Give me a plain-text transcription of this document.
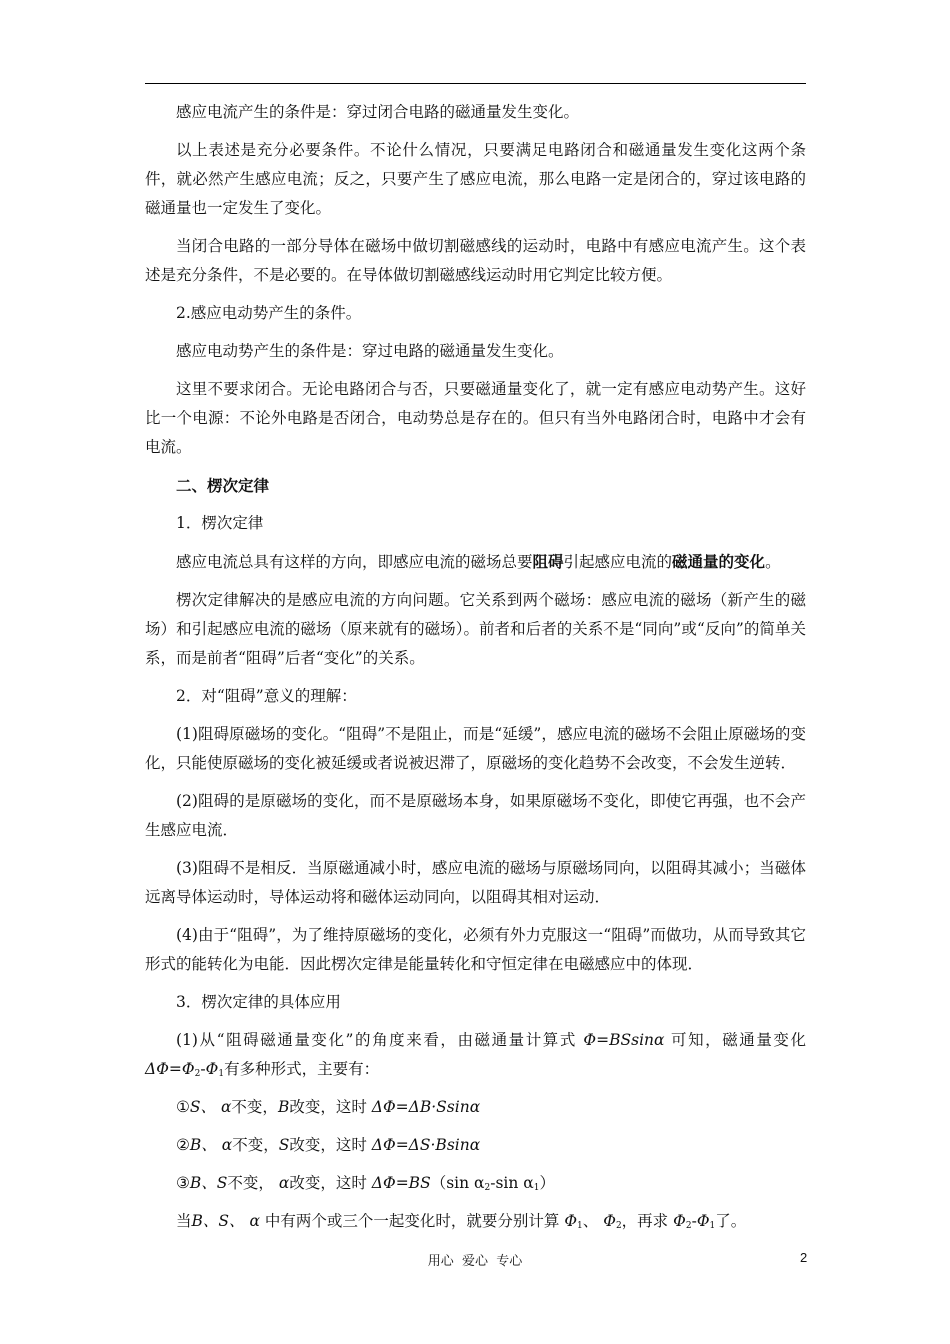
感应电流产生的条件是：穿过闭合电路的磁通量发生变化。

以上表述是充分必要条件。不论什么情况，只要满足电路闭合和磁通量发生变化这两个条件，就必然产生感应电流；反之，只要产生了感应电流，那么电路一定是闭合的，穿过该电路的磁通量也一定发生了变化。

当闭合电路的一部分导体在磁场中做切割磁感线的运动时，电路中有感应电流产生。这个表述是充分条件，不是必要的。在导体做切割磁感线运动时用它判定比较方便。

2.感应电动势产生的条件。

感应电动势产生的条件是：穿过电路的磁通量发生变化。

这里不要求闭合。无论电路闭合与否，只要磁通量变化了，就一定有感应电动势产生。这好比一个电源：不论外电路是否闭合，电动势总是存在的。但只有当外电路闭合时，电路中才会有电流。

二、楞次定律

1．楞次定律

感应电流总具有这样的方向，即感应电流的磁场总要阻碍引起感应电流的磁通量的变化。

楞次定律解决的是感应电流的方向问题。它关系到两个磁场：感应电流的磁场（新产生的磁场）和引起感应电流的磁场（原来就有的磁场）。前者和后者的关系不是“同向”或“反向”的简单关系，而是前者“阻碍”后者“变化”的关系。

2．对“阻碍”意义的理解：

(1)阻碍原磁场的变化。“阻碍”不是阻止，而是“延缓”，感应电流的磁场不会阻止原磁场的变化，只能使原磁场的变化被延缓或者说被迟滞了，原磁场的变化趋势不会改变，不会发生逆转．

(2)阻碍的是原磁场的变化，而不是原磁场本身，如果原磁场不变化，即使它再强，也不会产生感应电流．

(3)阻碍不是相反．当原磁通减小时，感应电流的磁场与原磁场同向，以阻碍其减小；当磁体远离导体运动时，导体运动将和磁体运动同向，以阻碍其相对运动．

(4)由于“阻碍”，为了维持原磁场的变化，必须有外力克服这一“阻碍”而做功，从而导致其它形式的能转化为电能．因此楞次定律是能量转化和守恒定律在电磁感应中的体现．

3．楞次定律的具体应用

(1)从“阻碍磁通量变化”的角度来看，由磁通量计算式 Φ=BSsinα 可知，磁通量变化$\Delta\Phi=\Phi_2-\Phi_1$有多种形式，主要有：

①S、 α不变，B改变，这时 ΔΦ=ΔB·Ssinα

②B、 α不变，S改变，这时 ΔΦ=ΔS·Bsinα

③B、S不变， α改变，这时 ΔΦ=BS（sin $\alpha_2-\sin$ $\alpha_1$）

当B、S、 α 中有两个或三个一起变化时，就要分别计算 $\Phi_1$、 $\Phi_2$，再求 $\Phi_2-\Phi_1$了。

用心  爱心  专心	2
